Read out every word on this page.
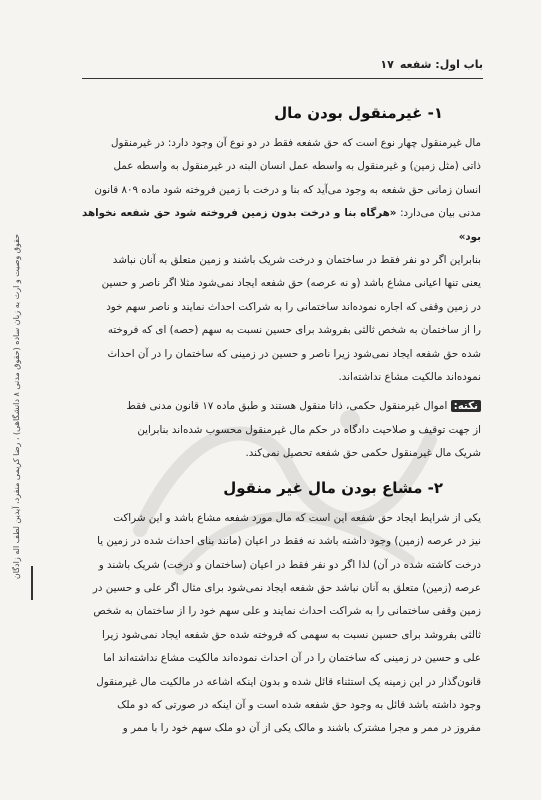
باب اول: شفعه
۱۷
حقوق وصیت و ارث به زبان ساده (حقوق مدنی ۸ دانشگاهی) ، رضا کریمی منفرد، آیدین لطف اله زادگان
۱- غیرمنقول بودن مال

مال غیرمنقول چهار نوع است که حق شفعه فقط در دو نوع آن وجود دارد: در غیرمنقول

ذاتی (مثل زمین) و غیرمنقول به واسطه عمل انسان البته در غیرمنقول به واسطه عمل

انسان زمانی حق شفعه به وجود می‌آید که بنا و درخت با زمین فروخته شود ماده ۸۰۹ قانون

مدنی بیان می‌دارد: «هرگاه بنا و درخت بدون زمین فروخته شود حق شفعه نخواهد بود»

بنابراین اگر دو نفر فقط در ساختمان و درخت شریک باشند و زمین متعلق به آنان نباشد

یعنی تنها اعیانی مشاع باشد (و نه عرصه) حق شفعه ایجاد نمی‌شود مثلا اگر ناصر و حسین

در زمین وقفی که اجاره نموده‌اند ساختمانی را به شراکت احداث نمایند و ناصر سهم خود

را از ساختمان به شخص ثالثی بفروشد برای حسین نسبت به سهم (حصه) ای که فروخته

شده حق شفعه ایجاد نمی‌شود زیرا ناصر و حسین در زمینی که ساختمان را در آن احداث

نموده‌اند مالکیت مشاع نداشته‌اند.

نکته: اموال غیرمنقول حکمی، ذاتا منقول هستند و طبق ماده ۱۷ قانون مدنی فقط

از جهت توقیف و صلاحیت دادگاه در حکم مال غیرمنقول محسوب شده‌اند بنابراین

شریک مال غیرمنقول حکمی حق شفعه تحصیل نمی‌کند.

۲- مشاع بودن مال غیر منقول

یکی از شرایط ایجاد حق شفعه این است که مال مورد شفعه مشاع باشد و این شراکت

نیز در عرصه (زمین) وجود داشته باشد نه فقط در اعیان (مانند بنای احداث شده در زمین یا

درخت کاشته شده در آن) لذا اگر دو نفر فقط در اعیان (ساختمان و درخت) شریک باشند و

عرصه (زمین) متعلق به آنان نباشد حق شفعه ایجاد نمی‌شود برای مثال اگر علی و حسین در

زمین وقفی ساختمانی را به شراکت احداث نمایند و علی سهم خود را از ساختمان به شخص

ثالثی بفروشد برای حسین نسبت به سهمی که فروخته شده حق شفعه ایجاد نمی‌شود زیرا

علی و حسین در زمینی که ساختمان را در آن احداث نموده‌اند مالکیت مشاع نداشته‌اند اما

قانون‌گذار در این زمینه یک استثناء قائل شده و بدون اینکه اشاعه در مالکیت مال غیرمنقول

وجود داشته باشد قائل به وجود حق شفعه شده است و آن اینکه در صورتی که دو ملک

مفروز در ممر و مجرا مشترک باشند و مالک یکی از آن دو ملک سهم خود را با ممر و
